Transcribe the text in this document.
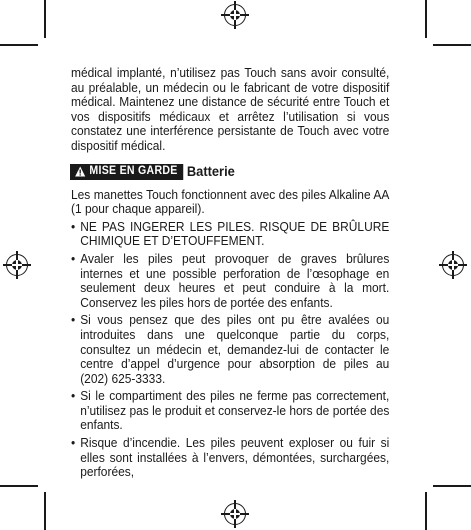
médical implanté, n’utilisez pas Touch sans avoir consulté, au préalable, un médecin ou le fabricant de votre dispositif médical. Maintenez une distance de sécurité entre Touch et vos dispositifs médicaux et arrêtez l’utilisation si vous constatez une interférence persistante de Touch avec votre dispositif médical.

MISE EN GARDE Batterie

Les manettes Touch fonctionnent avec des piles Alkaline AA (1 pour chaque appareil).

• NE PAS INGERER LES PILES. RISQUE DE BRÛLURE CHIMIQUE ET D’ETOUFFEMENT.
• Avaler les piles peut provoquer de graves brûlures internes et une possible perforation de l’œsophage en seulement deux heures et peut conduire à la mort. Conservez les piles hors de portée des enfants.
• Si vous pensez que des piles ont pu être avalées ou introduites dans une quelconque partie du corps, consultez un médecin et, demandez-lui de contacter le centre d’appel d’urgence pour absorption de piles au (202) 625-3333.
• Si le compartiment des piles ne ferme pas correctement, n’utilisez pas le produit et conservez-le hors de portée des enfants.
• Risque d’incendie. Les piles peuvent exploser ou fuir si elles sont installées à l’envers, démontées, surchargées, perforées,
